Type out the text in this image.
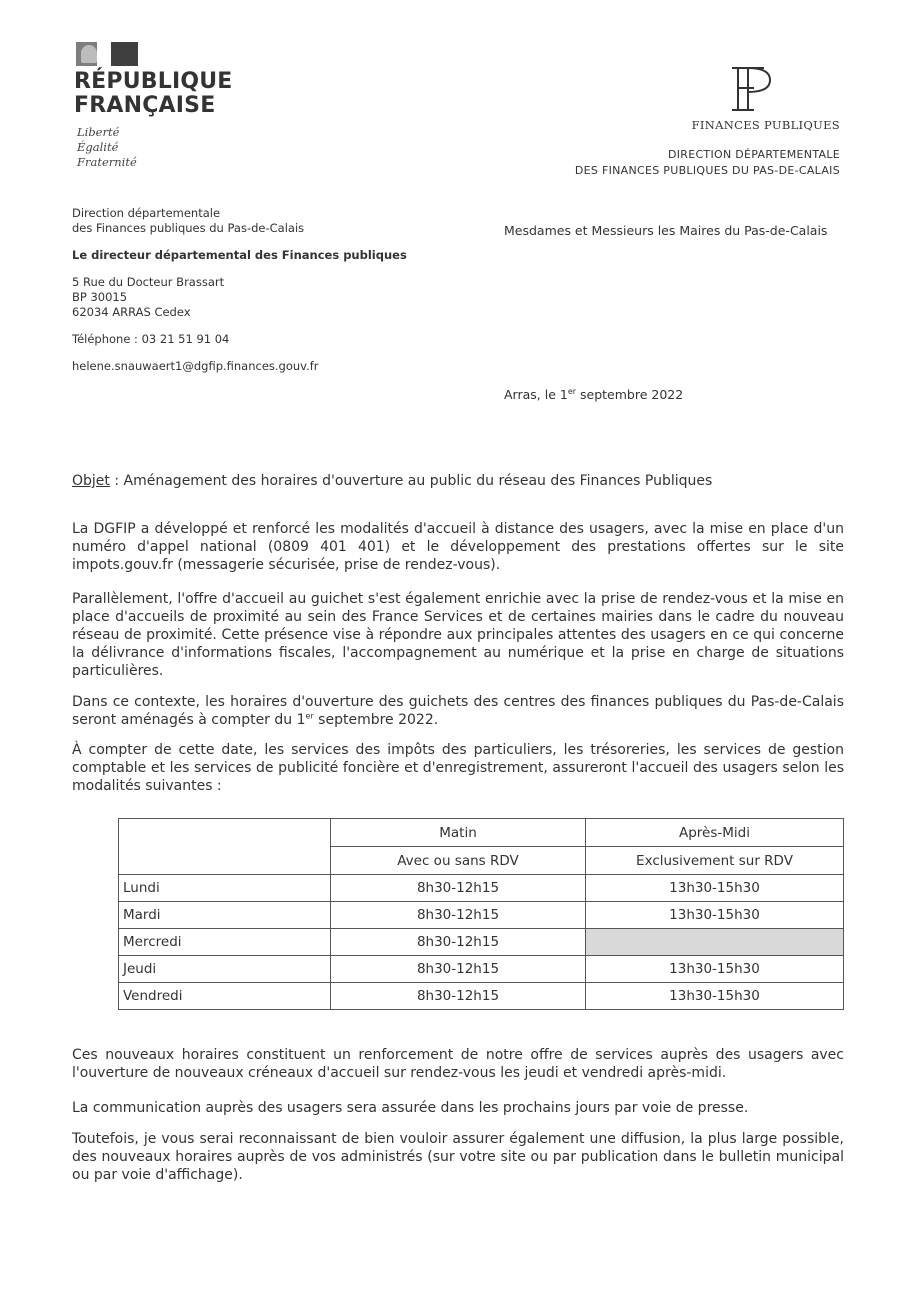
RÉPUBLIQUE
FRANÇAISE
Liberté
Égalité
Fraternité
FINANCES PUBLIQUES
DIRECTION DÉPARTEMENTALE
DES FINANCES PUBLIQUES DU PAS-DE-CALAIS
Direction départementale
des Finances publiques du Pas-de-Calais
Le directeur départemental des Finances publiques
5 Rue du Docteur Brassart
BP 30015
62034 ARRAS Cedex
Téléphone : 03 21 51 91 04
helene.snauwaert1@dgfip.finances.gouv.fr
Mesdames et Messieurs les Maires du Pas-de-Calais
Arras, le 1er septembre 2022
Objet : Aménagement des horaires d'ouverture au public du réseau des Finances Publiques
La DGFIP a développé et renforcé les modalités d'accueil à distance des usagers, avec la mise en place d'un numéro d'appel national (0809 401 401) et le développement des prestations offertes sur le site impots.gouv.fr (messagerie sécurisée, prise de rendez-vous).
Parallèlement, l'offre d'accueil au guichet s'est également enrichie avec la prise de rendez-vous et la mise en place d'accueils de proximité au sein des France Services et de certaines mairies dans le cadre du nouveau réseau de proximité. Cette présence vise à répondre aux principales attentes des usagers en ce qui concerne la délivrance d'informations fiscales, l'accompagnement au numérique et la prise en charge de situations particulières.
Dans ce contexte, les horaires d'ouverture des guichets des centres des finances publiques du Pas-de-Calais seront aménagés à compter du 1er septembre 2022.
À compter de cette date, les services des impôts des particuliers, les trésoreries, les services de gestion comptable et les services de publicité foncière et d'enregistrement, assureront l'accueil des usagers selon les modalités suivantes :
	Matin	Après-Midi
	Avec ou sans RDV	Exclusivement sur RDV
Lundi	8h30-12h15	13h30-15h30
Mardi	8h30-12h15	13h30-15h30
Mercredi	8h30-12h15	
Jeudi	8h30-12h15	13h30-15h30
Vendredi	8h30-12h15	13h30-15h30
Ces nouveaux horaires constituent un renforcement de notre offre de services auprès des usagers avec l'ouverture de nouveaux créneaux d'accueil sur rendez-vous les jeudi et vendredi après-midi.
La communication auprès des usagers sera assurée dans les prochains jours par voie de presse.
Toutefois, je vous serai reconnaissant de bien vouloir assurer également une diffusion, la plus large possible, des nouveaux horaires auprès de vos administrés (sur votre site ou par publication dans le bulletin municipal ou par voie d'affichage).
